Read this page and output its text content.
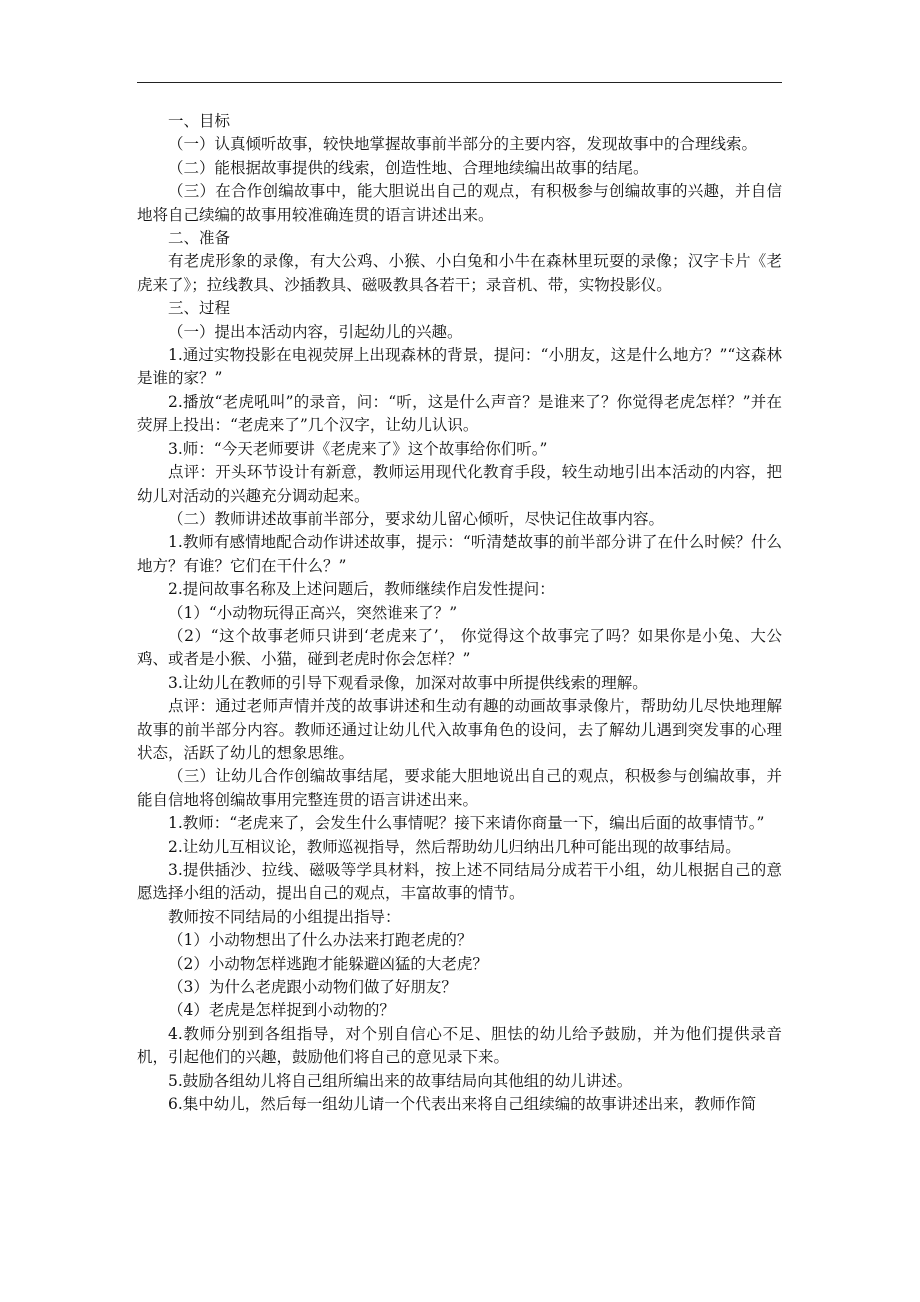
一、目标

（一）认真倾听故事，较快地掌握故事前半部分的主要内容，发现故事中的合理线索。

（二）能根据故事提供的线索，创造性地、合理地续编出故事的结尾。

（三）在合作创编故事中，能大胆说出自己的观点，有积极参与创编故事的兴趣，并自信地将自己续编的故事用较准确连贯的语言讲述出来。

二、准备

有老虎形象的录像，有大公鸡、小猴、小白兔和小牛在森林里玩耍的录像；汉字卡片《老虎来了》；拉线教具、沙插教具、磁吸教具各若干；录音机、带，实物投影仪。

三、过程

（一）提出本活动内容，引起幼儿的兴趣。

1.通过实物投影在电视荧屏上出现森林的背景，提问：“小朋友，这是什么地方？”“这森林是谁的家？”

2.播放“老虎吼叫”的录音，问：“听，这是什么声音？是谁来了？你觉得老虎怎样？”并在荧屏上投出：“老虎来了”几个汉字，让幼儿认识。

3.师：“今天老师要讲《老虎来了》这个故事给你们听。”

点评：开头环节设计有新意，教师运用现代化教育手段，较生动地引出本活动的内容，把幼儿对活动的兴趣充分调动起来。

（二）教师讲述故事前半部分，要求幼儿留心倾听，尽快记住故事内容。

1.教师有感情地配合动作讲述故事，提示：“听清楚故事的前半部分讲了在什么时候？什么地方？有谁？它们在干什么？”

2.提问故事名称及上述问题后，教师继续作启发性提问：

（1）“小动物玩得正高兴，突然谁来了？”

（2）“这个故事老师只讲到‘老虎来了’， 你觉得这个故事完了吗？如果你是小兔、大公鸡、或者是小猴、小猫，碰到老虎时你会怎样？”

3.让幼儿在教师的引导下观看录像，加深对故事中所提供线索的理解。

点评：通过老师声情并茂的故事讲述和生动有趣的动画故事录像片，帮助幼儿尽快地理解故事的前半部分内容。教师还通过让幼儿代入故事角色的设问，去了解幼儿遇到突发事的心理状态，活跃了幼儿的想象思维。

（三）让幼儿合作创编故事结尾，要求能大胆地说出自己的观点，积极参与创编故事，并能自信地将创编故事用完整连贯的语言讲述出来。

1.教师：“老虎来了，会发生什么事情呢？接下来请你商量一下，编出后面的故事情节。”

2.让幼儿互相议论，教师巡视指导，然后帮助幼儿归纳出几种可能出现的故事结局。

3.提供插沙、拉线、磁吸等学具材料，按上述不同结局分成若干小组，幼儿根据自己的意愿选择小组的活动，提出自己的观点，丰富故事的情节。

教师按不同结局的小组提出指导：

（1）小动物想出了什么办法来打跑老虎的？

（2）小动物怎样逃跑才能躲避凶猛的大老虎？

（3）为什么老虎跟小动物们做了好朋友？

（4）老虎是怎样捉到小动物的？

4.教师分别到各组指导，对个别自信心不足、胆怯的幼儿给予鼓励，并为他们提供录音机，引起他们的兴趣，鼓励他们将自己的意见录下来。

5.鼓励各组幼儿将自己组所编出来的故事结局向其他组的幼儿讲述。

6.集中幼儿，然后每一组幼儿请一个代表出来将自己组续编的故事讲述出来，教师作简
